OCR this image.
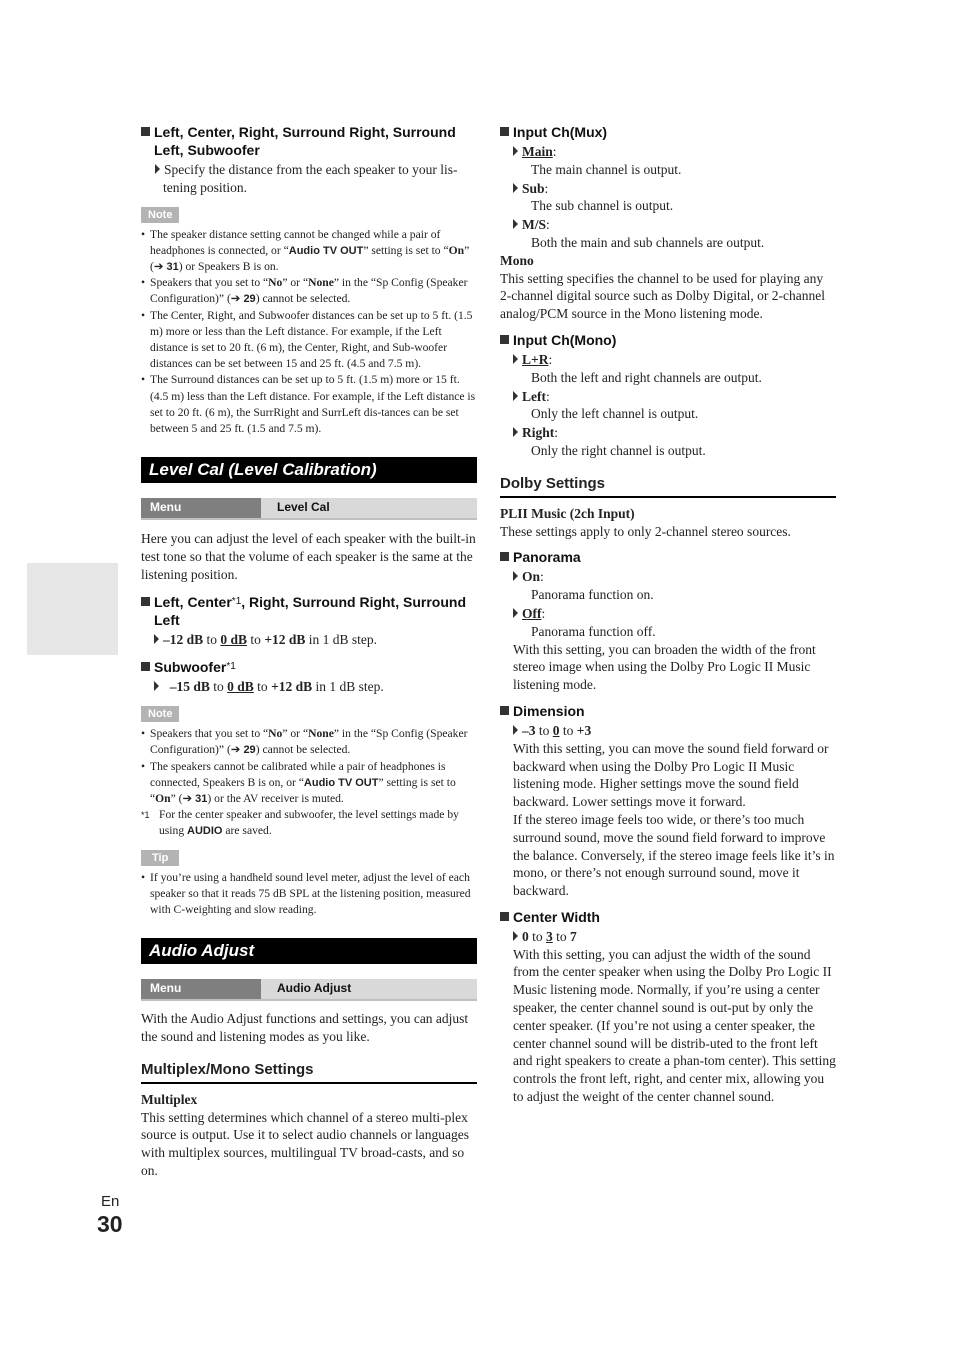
Left, Center, Right, Surround Right, Surround Left, Subwoofer
Specify the distance from the each speaker to your lis-tening position.
Note
• The speaker distance setting cannot be changed while a pair of headphones is connected, or “Audio TV OUT” setting is set to “On” (➔ 31) or Speakers B is on.
• Speakers that you set to “No” or “None” in the “Sp Config (Speaker Configuration)” (➔ 29) cannot be selected.
• The Center, Right, and Subwoofer distances can be set up to 5 ft. (1.5 m) more or less than the Left distance. For example, if the Left distance is set to 20 ft. (6 m), the Center, Right, and Sub-woofer distances can be set between 15 and 25 ft. (4.5 and 7.5 m).
• The Surround distances can be set up to 5 ft. (1.5 m) more or 15 ft. (4.5 m) less than the Left distance. For example, if the Left distance is set to 20 ft. (6 m), the SurrRight and SurrLeft dis-tances can be set between 5 and 25 ft. (1.5 and 7.5 m).
Level Cal (Level Calibration)
Menu	Level Cal
Here you can adjust the level of each speaker with the built-in test tone so that the volume of each speaker is the same at the listening position.
Left, Center$^{*1}$, Right, Surround Right, Surround Left
–12 dB to 0 dB to +12 dB in 1 dB step.
Subwoofer$^{*1}$
–15 dB to 0 dB to +12 dB in 1 dB step.
Note
• Speakers that you set to “No” or “None” in the “Sp Config (Speaker Configuration)” (➔ 29) cannot be selected.
• The speakers cannot be calibrated while a pair of headphones is connected, Speakers B is on, or “Audio TV OUT” setting is set to “On” (➔ 31) or the AV receiver is muted.
*1 For the center speaker and subwoofer, the level settings made by using AUDIO are saved.
Tip
• If you’re using a handheld sound level meter, adjust the level of each speaker so that it reads 75 dB SPL at the listening position, measured with C-weighting and slow reading.
Audio Adjust
Menu	Audio Adjust
With the Audio Adjust functions and settings, you can adjust the sound and listening modes as you like.
Multiplex/Mono Settings
Multiplex
This setting determines which channel of a stereo multi-plex source is output. Use it to select audio channels or languages with multiplex sources, multilingual TV broad-casts, and so on.
Input Ch(Mux)
Main:
The main channel is output.
Sub:
The sub channel is output.
M/S:
Both the main and sub channels are output.
Mono
This setting specifies the channel to be used for playing any 2-channel digital source such as Dolby Digital, or 2-channel analog/PCM source in the Mono listening mode.
Input Ch(Mono)
L+R:
Both the left and right channels are output.
Left:
Only the left channel is output.
Right:
Only the right channel is output.
Dolby Settings
PLII Music (2ch Input)
These settings apply to only 2-channel stereo sources.
Panorama
On:
Panorama function on.
Off:
Panorama function off.
With this setting, you can broaden the width of the front stereo image when using the Dolby Pro Logic II Music listening mode.
Dimension
–3 to 0 to +3
With this setting, you can move the sound field forward or backward when using the Dolby Pro Logic II Music listening mode. Higher settings move the sound field backward. Lower settings move it forward.
If the stereo image feels too wide, or there’s too much surround sound, move the sound field forward to improve the balance. Conversely, if the stereo image feels like it’s in mono, or there’s not enough surround sound, move it backward.
Center Width
0 to 3 to 7
With this setting, you can adjust the width of the sound from the center speaker when using the Dolby Pro Logic II Music listening mode. Normally, if you’re using a center speaker, the center channel sound is out-put by only the center speaker. (If you’re not using a center speaker, the center channel sound will be distrib-uted to the front left and right speakers to create a phan-tom center). This setting controls the front left, right, and center mix, allowing you to adjust the weight of the center channel sound.
En
30
